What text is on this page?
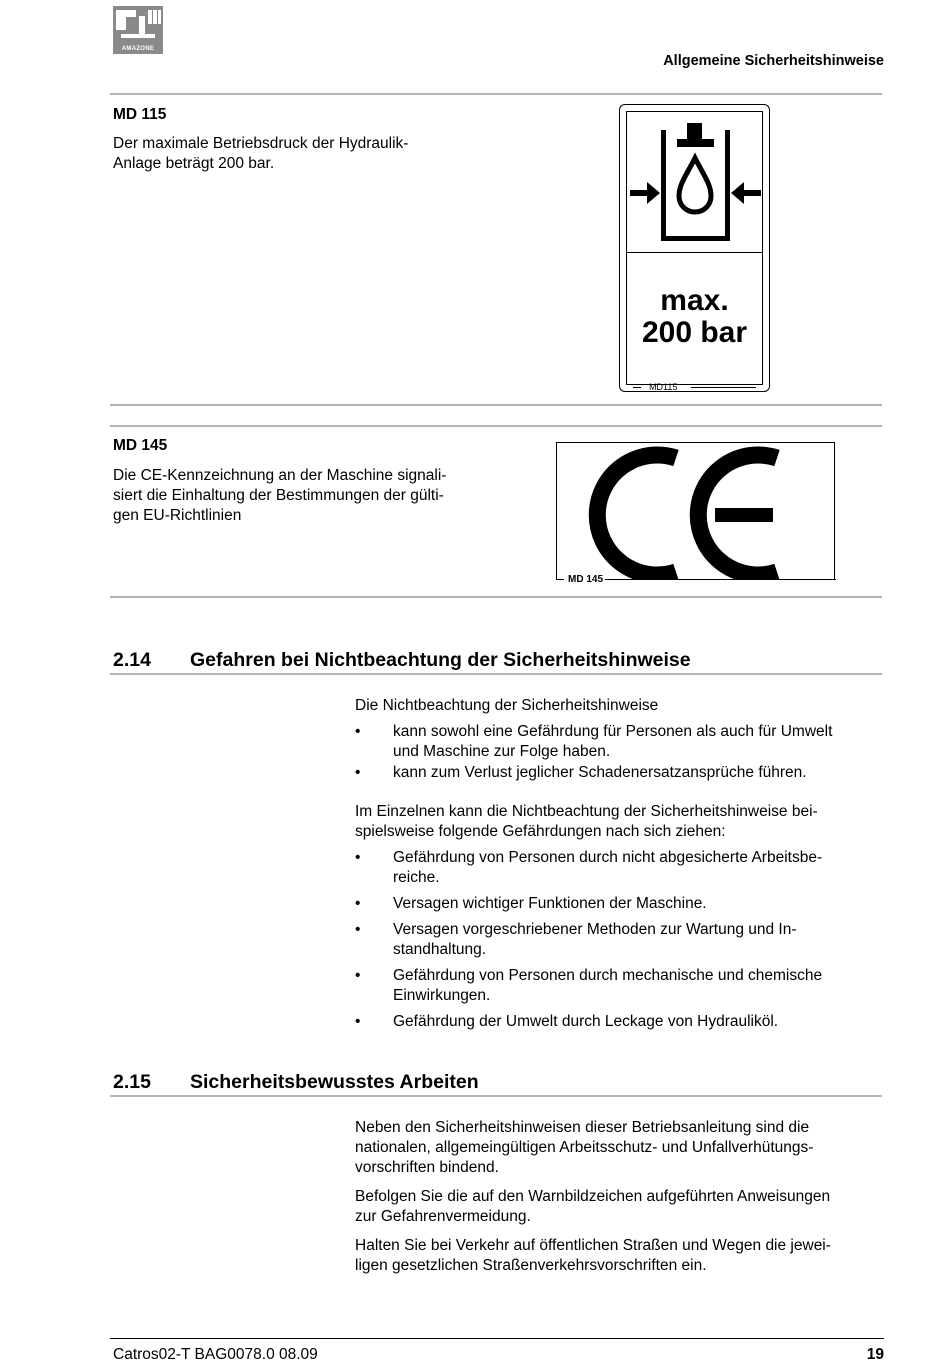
AMAZONE
Allgemeine Sicherheitshinweise
MD 115
Der maximale Betriebsdruck der Hydraulik-
Anlage beträgt 200 bar.
max.
200 bar
MD115
MD 145
Die CE-Kennzeichnung an der Maschine signali-
siert die Einhaltung der Bestimmungen der gülti-
gen EU-Richtlinien
MD 145
2.14 Gefahren bei Nichtbeachtung der Sicherheitshinweise
Die Nichtbeachtung der Sicherheitshinweise
• kann sowohl eine Gefährdung für Personen als auch für Umwelt
und Maschine zur Folge haben.
• kann zum Verlust jeglicher Schadenersatzansprüche führen.
Im Einzelnen kann die Nichtbeachtung der Sicherheitshinweise bei-
spielsweise folgende Gefährdungen nach sich ziehen:
• Gefährdung von Personen durch nicht abgesicherte Arbeitsbe-
reiche.
• Versagen wichtiger Funktionen der Maschine.
• Versagen vorgeschriebener Methoden zur Wartung und In-
standhaltung.
• Gefährdung von Personen durch mechanische und chemische
Einwirkungen.
• Gefährdung der Umwelt durch Leckage von Hydrauliköl.
2.15 Sicherheitsbewusstes Arbeiten
Neben den Sicherheitshinweisen dieser Betriebsanleitung sind die
nationalen, allgemeingültigen Arbeitsschutz- und Unfallverhütungs-
vorschriften bindend.
Befolgen Sie die auf den Warnbildzeichen aufgeführten Anweisungen
zur Gefahrenvermeidung.
Halten Sie bei Verkehr auf öffentlichen Straßen und Wegen die jewei-
ligen gesetzlichen Straßenverkehrsvorschriften ein.
Catros02-T BAG0078.0 08.09	19
